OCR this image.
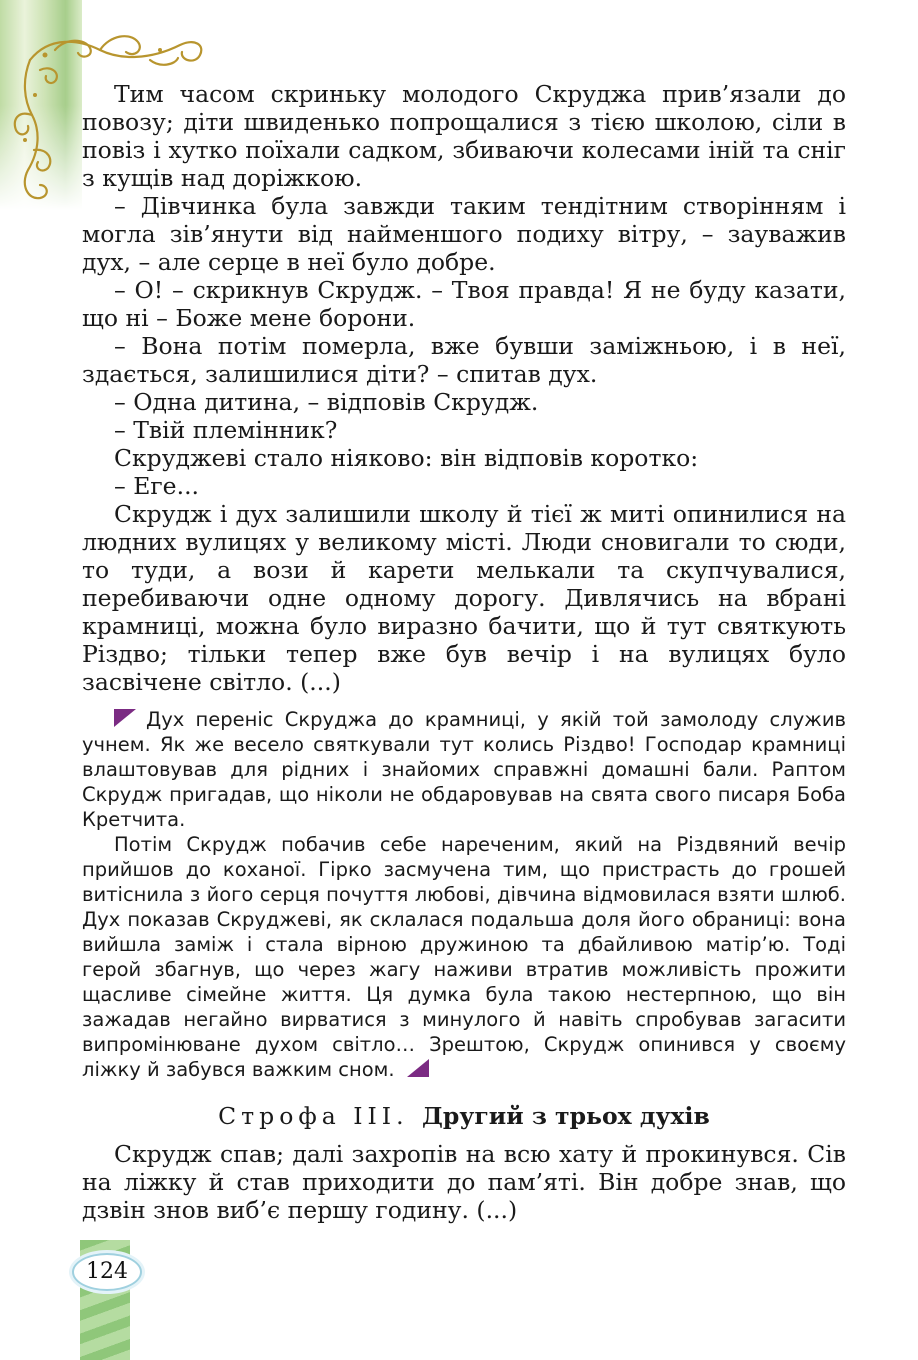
Тим часом скриньку молодого Скруджа прив’язали до повозу; діти швиденько попрощалися з тією школою, сіли в повіз і хутко поїхали садком, збиваючи колесами іній та сніг з кущів над доріжкою.

– Дівчинка була завжди таким тендітним створінням і могла зів’янути від найменшого подиху вітру, – зауважив дух, – але серце в неї було добре.

– О! – скрикнув Скрудж. – Твоя правда! Я не буду казати, що ні – Боже мене борони.

– Вона потім померла, вже бувши заміжньою, і в неї, здається, залишилися діти? – спитав дух.

– Одна дитина, – відповів Скрудж.

– Твій племінник?

Скруджеві стало ніяково: він відповів коротко:

– Еге...

Скрудж і дух залишили школу й тієї ж миті опинилися на людних вулицях у великому місті. Люди сновигали то сюди, то туди, а вози й карети мелькали та скупчувалися, перебиваючи одне одному дорогу. Дивлячись на вбрані крамниці, можна було виразно бачити, що й тут святкують Різдво; тільки тепер вже був вечір і на вулицях було засвічене світло. (...)

Дух переніс Скруджа до крамниці, у якій той замолоду служив учнем. Як же весело святкували тут колись Різдво! Господар крамниці влаштовував для рідних і знайомих справжні домашні бали. Раптом Скрудж пригадав, що ніколи не обдаровував на свята свого писаря Боба Кретчита.

Потім Скрудж побачив себе нареченим, який на Різдвяний вечір прийшов до коханої. Гірко засмучена тим, що пристрасть до грошей витіснила з його серця почуття любові, дівчина відмовилася взяти шлюб. Дух показав Скруджеві, як склалася подальша доля його обраниці: вона вийшла заміж і стала вірною дружиною та дбайливою матір’ю. Тоді герой збагнув, що через жагу наживи втратив можливість прожити щасливе сімейне життя. Ця думка була такою нестерпною, що він зажадав негайно вирватися з минулого й навіть спробував загасити випромінюване духом світло… Зрештою, Скрудж опинився у своєму ліжку й забувся важким сном.

Строфа III. Другий з трьох духів

Скрудж спав; далі захропів на всю хату й прокинувся. Сів на ліжку й став приходити до пам’яті. Він добре знав, що дзвін знов виб’є першу годину. (...)

124
